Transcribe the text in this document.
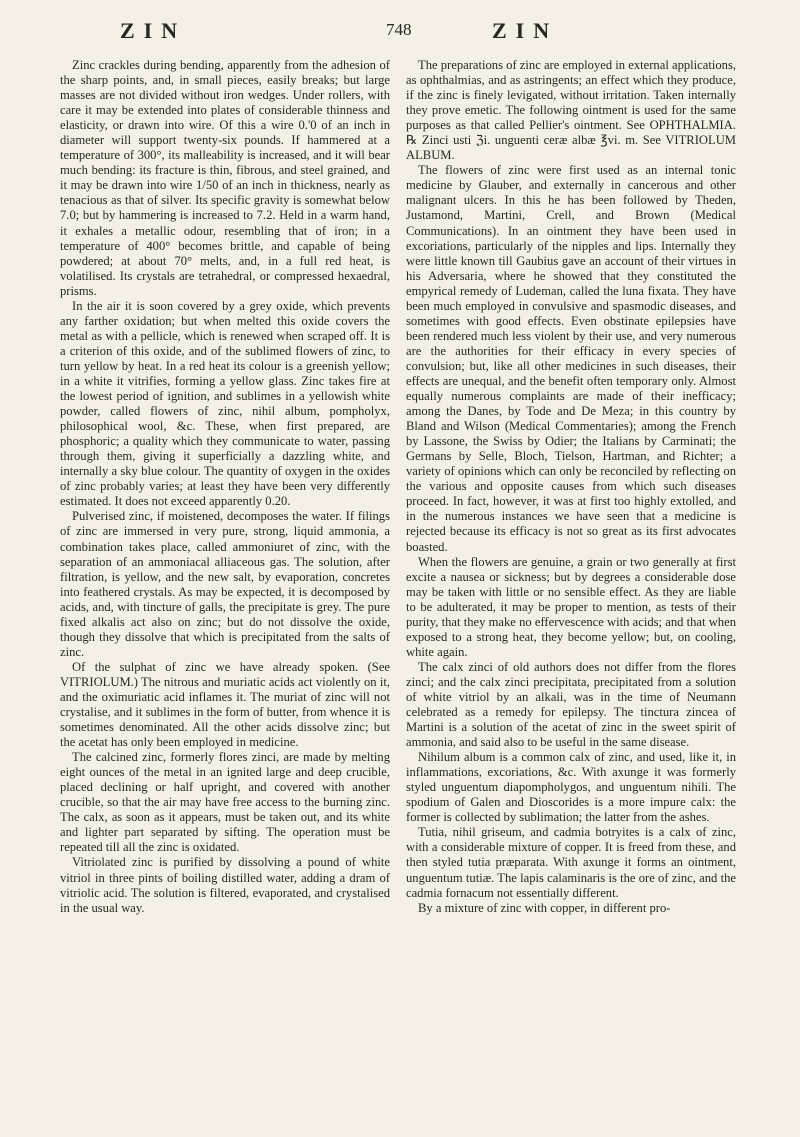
ZIN	748	ZIN

Zinc crackles during bending, apparently from the adhesion of the sharp points, and, in small pieces, easily breaks; but large masses are not divided without iron wedges. Under rollers, with care it may be extended into plates of considerable thinness and elasticity, or drawn into wire. Of this a wire 0.'0 of an inch in diameter will support twenty-six pounds. If hammered at a temperature of 300°, its malleability is increased, and it will bear much bending: its fracture is thin, fibrous, and steel grained, and it may be drawn into wire 1/50 of an inch in thickness, nearly as tenacious as that of silver. Its specific gravity is somewhat below 7.0; but by hammering is increased to 7.2. Held in a warm hand, it exhales a metallic odour, resembling that of iron; in a temperature of 400° becomes brittle, and capable of being powdered; at about 70° melts, and, in a full red heat, is volatilised. Its crystals are tetrahedral, or compressed hexaedral, prisms.

In the air it is soon covered by a grey oxide, which prevents any farther oxidation; but when melted this oxide covers the metal as with a pellicle, which is renewed when scraped off. It is a criterion of this oxide, and of the sublimed flowers of zinc, to turn yellow by heat. In a red heat its colour is a greenish yellow; in a white it vitrifies, forming a yellow glass. Zinc takes fire at the lowest period of ignition, and sublimes in a yellowish white powder, called flowers of zinc, nihil album, pompholyx, philosophical wool, &c. These, when first prepared, are phosphoric; a quality which they communicate to water, passing through them, giving it superficially a dazzling white, and internally a sky blue colour. The quantity of oxygen in the oxides of zinc probably varies; at least they have been very differently estimated. It does not exceed apparently 0.20.

Pulverised zinc, if moistened, decomposes the water. If filings of zinc are immersed in very pure, strong, liquid ammonia, a combination takes place, called ammoniuret of zinc, with the separation of an ammoniacal alliaceous gas. The solution, after filtration, is yellow, and the new salt, by evaporation, concretes into feathered crystals. As may be expected, it is decomposed by acids, and, with tincture of galls, the precipitate is grey. The pure fixed alkalis act also on zinc; but do not dissolve the oxide, though they dissolve that which is precipitated from the salts of zinc.

Of the sulphat of zinc we have already spoken. (See VITRIOLUM.) The nitrous and muriatic acids act violently on it, and the oximuriatic acid inflames it. The muriat of zinc will not crystalise, and it sublimes in the form of butter, from whence it is sometimes denominated. All the other acids dissolve zinc; but the acetat has only been employed in medicine.

The calcined zinc, formerly flores zinci, are made by melting eight ounces of the metal in an ignited large and deep crucible, placed declining or half upright, and covered with another crucible, so that the air may have free access to the burning zinc. The calx, as soon as it appears, must be taken out, and its white and lighter part separated by sifting. The operation must be repeated till all the zinc is oxidated.

Vitriolated zinc is purified by dissolving a pound of white vitriol in three pints of boiling distilled water, adding a dram of vitriolic acid. The solution is filtered, evaporated, and crystalised in the usual way.

The preparations of zinc are employed in external applications, as ophthalmias, and as astringents; an effect which they produce, if the zinc is finely levigated, without irritation. Taken internally they prove emetic. The following ointment is used for the same purposes as that called Pellier's ointment. See OPHTHALMIA. ℞ Zinci usti ℨi. unguenti ceræ albæ ℥vi. m. See VITRIOLUM ALBUM.

The flowers of zinc were first used as an internal tonic medicine by Glauber, and externally in cancerous and other malignant ulcers. In this he has been followed by Theden, Justamond, Martini, Crell, and Brown (Medical Communications). In an ointment they have been used in excoriations, particularly of the nipples and lips. Internally they were little known till Gaubius gave an account of their virtues in his Adversaria, where he showed that they constituted the empyrical remedy of Ludeman, called the luna fixata. They have been much employed in convulsive and spasmodic diseases, and sometimes with good effects. Even obstinate epilepsies have been rendered much less violent by their use, and very numerous are the authorities for their efficacy in every species of convulsion; but, like all other medicines in such diseases, their effects are unequal, and the benefit often temporary only. Almost equally numerous complaints are made of their inefficacy; among the Danes, by Tode and De Meza; in this country by Bland and Wilson (Medical Commentaries); among the French by Lassone, the Swiss by Odier; the Italians by Carminati; the Germans by Selle, Bloch, Tielson, Hartman, and Richter; a variety of opinions which can only be reconciled by reflecting on the various and opposite causes from which such diseases proceed. In fact, however, it was at first too highly extolled, and in the numerous instances we have seen that a medicine is rejected because its efficacy is not so great as its first advocates boasted.

When the flowers are genuine, a grain or two generally at first excite a nausea or sickness; but by degrees a considerable dose may be taken with little or no sensible effect. As they are liable to be adulterated, it may be proper to mention, as tests of their purity, that they make no effervescence with acids; and that when exposed to a strong heat, they become yellow; but, on cooling, white again.

The calx zinci of old authors does not differ from the flores zinci; and the calx zinci precipitata, precipitated from a solution of white vitriol by an alkali, was in the time of Neumann celebrated as a remedy for epilepsy. The tinctura zincea of Martini is a solution of the acetat of zinc in the sweet spirit of ammonia, and said also to be useful in the same disease.

Nihilum album is a common calx of zinc, and used, like it, in inflammations, excoriations, &c. With axunge it was formerly styled unguentum diapompholygos, and unguentum nihili. The spodium of Galen and Dioscorides is a more impure calx: the former is collected by sublimation; the latter from the ashes.

Tutia, nihil griseum, and cadmia botryites is a calx of zinc, with a considerable mixture of copper. It is freed from these, and then styled tutia præparata. With axunge it forms an ointment, unguentum tutiæ. The lapis calaminaris is the ore of zinc, and the cadmia fornacum not essentially different.

By a mixture of zinc with copper, in different pro-
